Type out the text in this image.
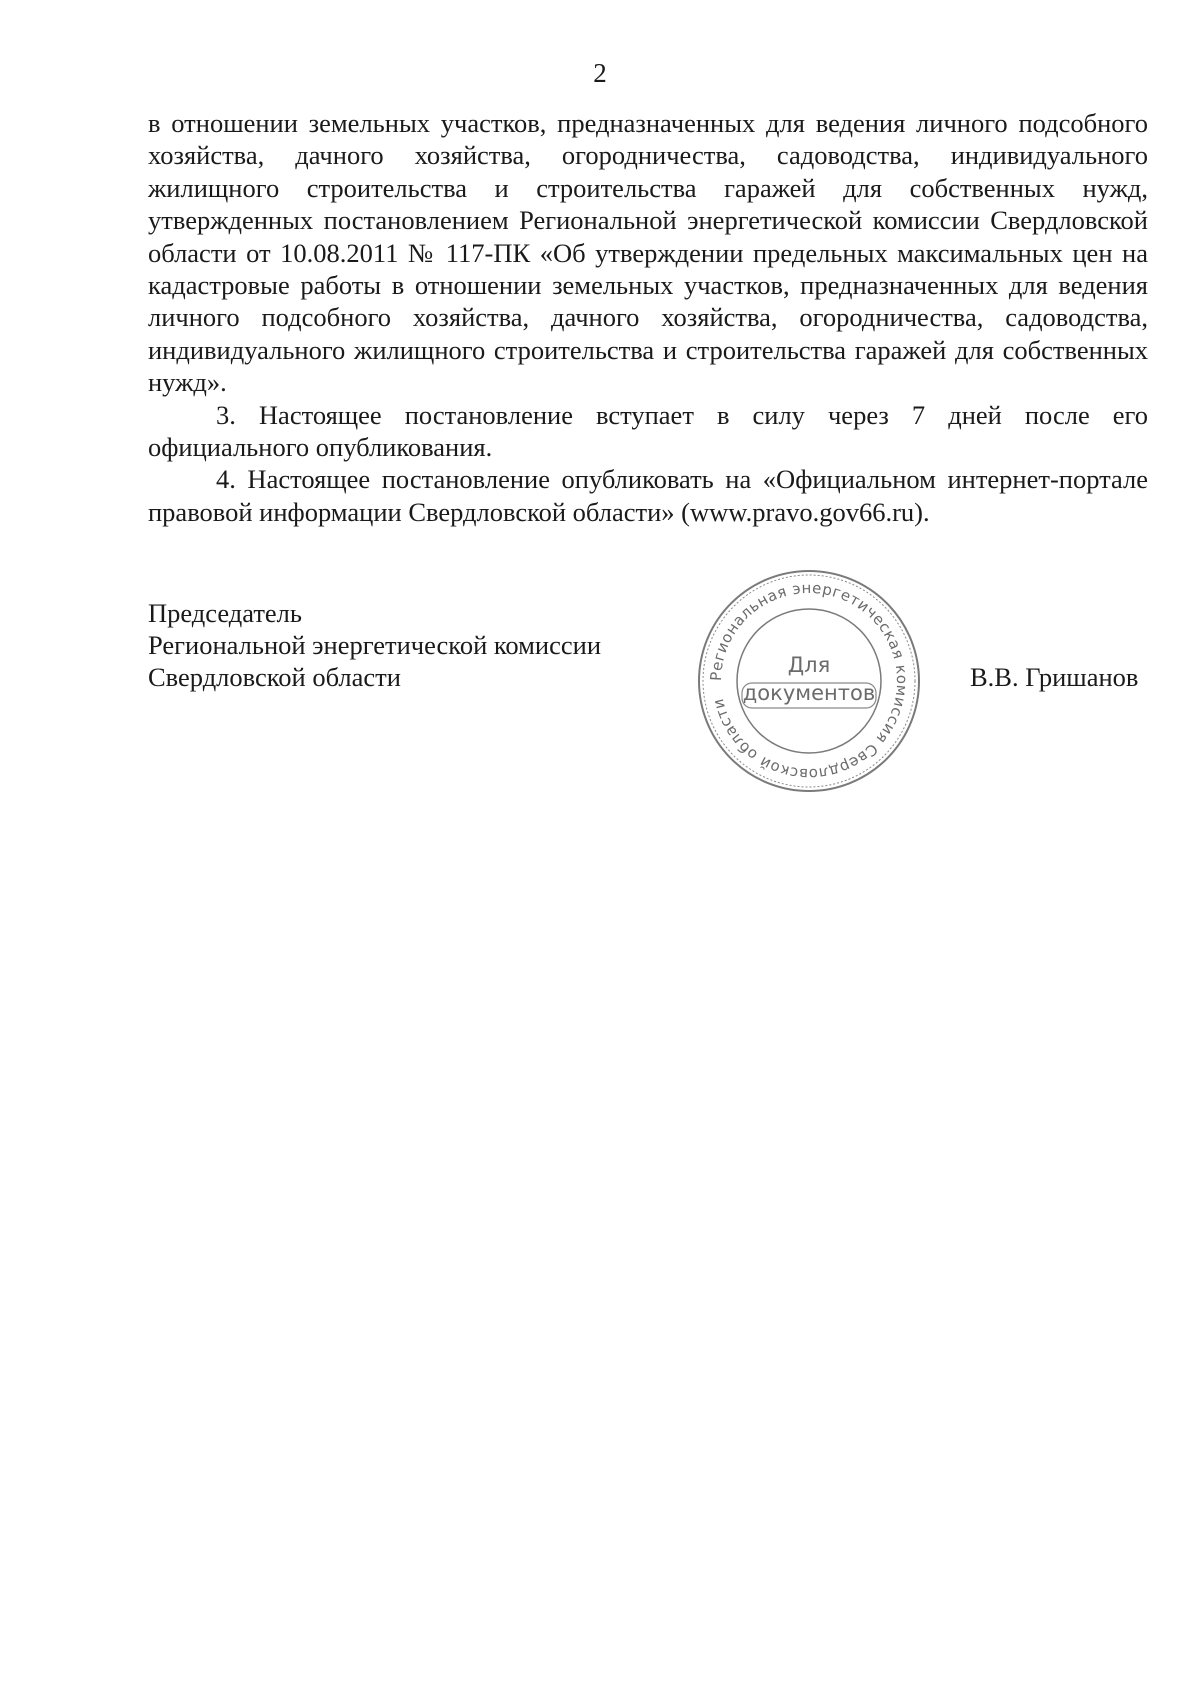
2

в отношении земельных участков, предназначенных для ведения личного подсобного хозяйства, дачного хозяйства, огородничества, садоводства, индивидуального жилищного строительства и строительства гаражей для собственных нужд, утвержденных постановлением Региональной энергетической комиссии Свердловской области от 10.08.2011 № 117-ПК «Об утверждении предельных максимальных цен на кадастровые работы в отношении земельных участков, предназначенных для ведения личного подсобного хозяйства, дачного хозяйства, огородничества, садоводства, индивидуального жилищного строительства и строительства гаражей для собственных нужд».

3. Настоящее постановление вступает в силу через 7 дней после его официального опубликования.

4. Настоящее постановление опубликовать на «Официальном интернет-портале правовой информации Свердловской области» (www.pravo.gov66.ru).

Председатель
Региональной энергетической комиссии
Свердловской области	В.В. Гришанов
Региональная энергетическая комиссия Свердловской области
Для
документов
